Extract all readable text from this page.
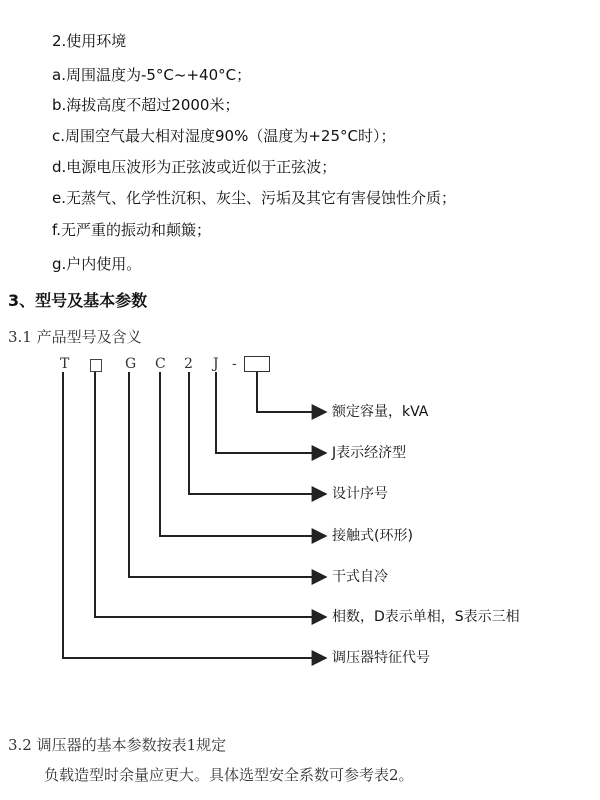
2.使用环境
a.周围温度为-5°C~+40°C；
b.海拔高度不超过2000米；
c.周围空气最大相对湿度90%（温度为+25°C时）；
d.电源电压波形为正弦波或近似于正弦波；
e.无蒸气、化学性沉积、灰尘、污垢及其它有害侵蚀性介质；
f.无严重的振动和颠簸；
g.户内使用。
3、型号及基本参数
3.1 产品型号及含义
T	G C 2 J -
额定容量，kVA
J表示经济型
设计序号
接触式(环形)
干式自冷
相数，D表示单相，S表示三相
调压器特征代号
3.2 调压器的基本参数按表1规定
负载造型时余量应更大。具体选型安全系数可参考表2。
